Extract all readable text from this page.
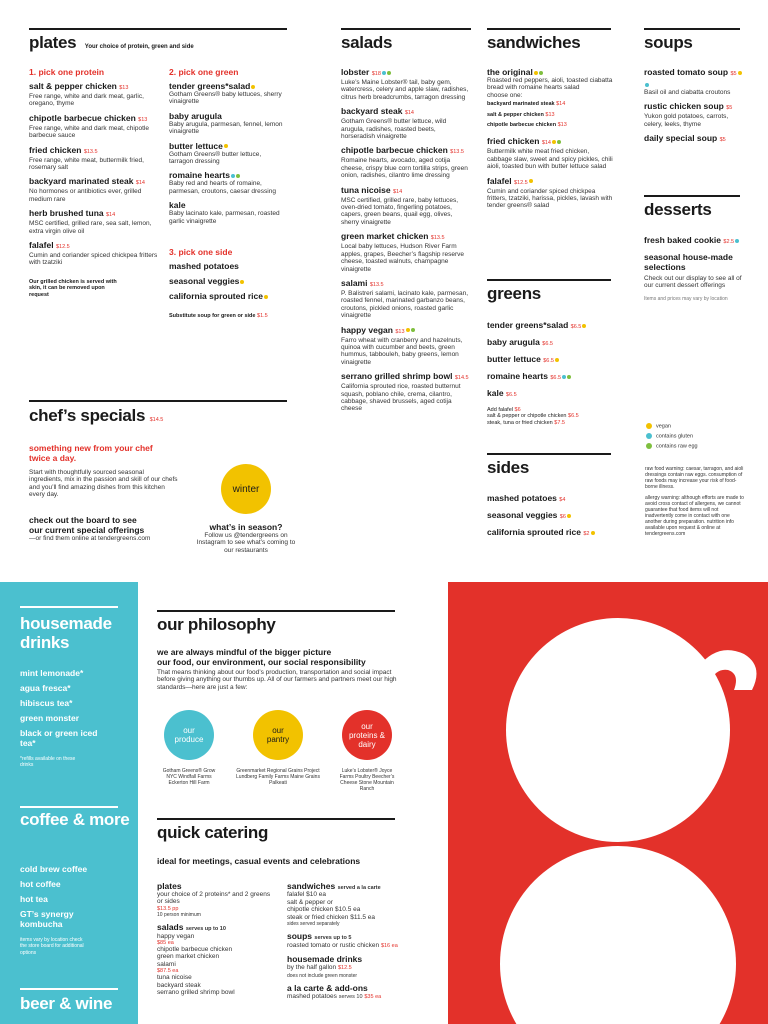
plates Your choice of protein, green and side
1. pick one protein
salt & pepper chicken $13
Free range, white and dark meat, garlic, oregano, thyme
chipotle barbecue chicken $13
Free range, white and dark meat, chipotle barbecue sauce
fried chicken $13.5
Free range, white meat, buttermilk fried, rosemary salt
backyard marinated steak $14
No hormones or antibiotics ever, grilled medium rare
herb brushed tuna $14
MSC certified, grilled rare, sea salt, lemon, extra virgin olive oil
falafel $12.5
Cumin and coriander spiced chickpea fritters with tzatziki
Our grilled chicken is served with skin, it can be removed upon request
2. pick one green
tender greens*salad
Gotham Greens® baby lettuces, sherry vinaigrette
baby arugula
Baby arugula, parmesan, fennel, lemon vinaigrette
butter lettuce
Gotham Greens® butter lettuce, tarragon dressing
romaine hearts
Baby red and hearts of romaine, parmesan, croutons, caesar dressing
kale
Baby lacinato kale, parmesan, roasted garlic vinaigrette
3. pick one side
mashed potatoes
seasonal veggies
california sprouted rice
Substitute soup for green or side $1.5
chef’s specials $14.5
something new from your chef
twice a day.
Start with thoughtfully sourced seasonal ingredients, mix in the passion and skill of our chefs and you’ll find amazing dishes from this kitchen every day.
check out the board to see
our current special offerings
—or find them online at tendergreens.com
winter
what’s in season?
Follow us @tendergreens on Instagram to see what’s coming to our restaurants
salads
lobster $18
Luke’s Maine Lobster® tail, baby gem, watercress, celery and apple slaw, radishes, citrus herb breadcrumbs, tarragon dressing
backyard steak $14
Gotham Greens® butter lettuce, wild arugula, radishes, roasted beets, horseradish vinaigrette
chipotle barbecue chicken $13.5
Romaine hearts, avocado, aged cotija cheese, crispy blue corn tortilla strips, green onion, radishes, cilantro lime dressing
tuna nicoise $14
MSC certified, grilled rare, baby lettuces, oven-dried tomato, fingerling potatoes, capers, green beans, quail egg, olives, sherry vinaigrette
green market chicken $13.5
Local baby lettuces, Hudson River Farm apples, grapes, Beecher’s flagship reserve cheese, toasted walnuts, champagne vinaigrette
salami $13.5
P. Balistreri salami, lacinato kale, parmesan, roasted fennel, marinated garbanzo beans, croutons, pickled onions, roasted garlic vinaigrette
happy vegan $13
Farro wheat with cranberry and hazelnuts, quinoa with cucumber and beets, green hummus, tabbouleh, baby greens, lemon vinaigrette
serrano grilled shrimp bowl $14.5
California sprouted rice, roasted butternut squash, poblano chile, crema, cilantro, cabbage, shaved brussels, aged cotija cheese
sandwiches
the original
Roasted red peppers, aioli, toasted ciabatta bread with romaine hearts salad
choose one:
backyard marinated steak $14
salt & pepper chicken $13
chipotle barbecue chicken $13
fried chicken $14
Buttermilk white meat fried chicken, cabbage slaw, sweet and spicy pickles, chili aioli, toasted bun with butter lettuce salad
falafel $12.5
Cumin and coriander spiced chickpea fritters, tzatziki, harissa, pickles, lavash with tender greens® salad
greens
tender greens*salad $6.5
baby arugula $6.5
butter lettuce $6.5
romaine hearts $6.5
kale $6.5
Add falafel $6
salt & pepper or chipotle chicken $6.5
steak, tuna or fried chicken $7.5
sides
mashed potatoes $4
seasonal veggies $6
california sprouted rice $2
soups
roasted tomato soup $5
Basil oil and ciabatta croutons
rustic chicken soup $5
Yukon gold potatoes, carrots, celery, leeks, thyme
daily special soup $5
desserts
fresh baked cookie $2.5
seasonal house-made selections
Check out our display to see all of our current dessert offerings
Items and prices may vary by location
vegan
contains gluten
contains raw egg
raw food warning: caesar, tarragon, and aioli dressings contain raw eggs. consumption of raw foods may increase your risk of food-borne illness.
allergy warning: although efforts are made to avoid cross contact of allergens, we cannot guarantee that food items will not inadvertently come in contact with one another during preparation. nutrition info available upon request & online at tendergreens.com
housemade drinks
mint lemonade*
agua fresca*
hibiscus tea*
green monster
black or green iced tea*
*refills available on these drinks
coffee & more
cold brew coffee
hot coffee
hot tea
GT’s synergy kombucha
items vary by location check the store board for additional options
beer & wine
our philosophy
we are always mindful of the bigger picture
our food, our environment, our social responsibility
That means thinking about our food’s production, transportation and social impact before giving anything our thumbs up. All of our farmers and partners meet our high standards—here are just a few:
our produce
our pantry
our proteins & dairy
Gotham Greens® Grow NYC Windfall Farms Eckerton Hill Farm
Greenmarket Regional Grains Project Lundberg Family Farms Maine Grains Palkeati
Luke’s Lobster® Joyce Farms Poultry Beecher’s Cheese Stone Mountain Ranch
quick catering
ideal for meetings, casual events and celebrations
plates
your choice of 2 proteins* and 2 greens or sides
$13.5 pp
10 person minimum
salads serves up to 10
happy vegan
$85 ea
chipotle barbecue chicken
green market chicken
salami
$87.5 ea
tuna nicoise
backyard steak
serrano grilled shrimp bowl
sandwiches served a la carte
falafel $10 ea
salt & pepper or
chipotle chicken $10.5 ea
steak or fried chicken $11.5 ea
sides served separately
soups serves up to 5
roasted tomato or rustic chicken $16 ea
housemade drinks
by the half gallon $12.5
does not include green monster
a la carte & add-ons
mashed potatoes serves 10 $35 ea
